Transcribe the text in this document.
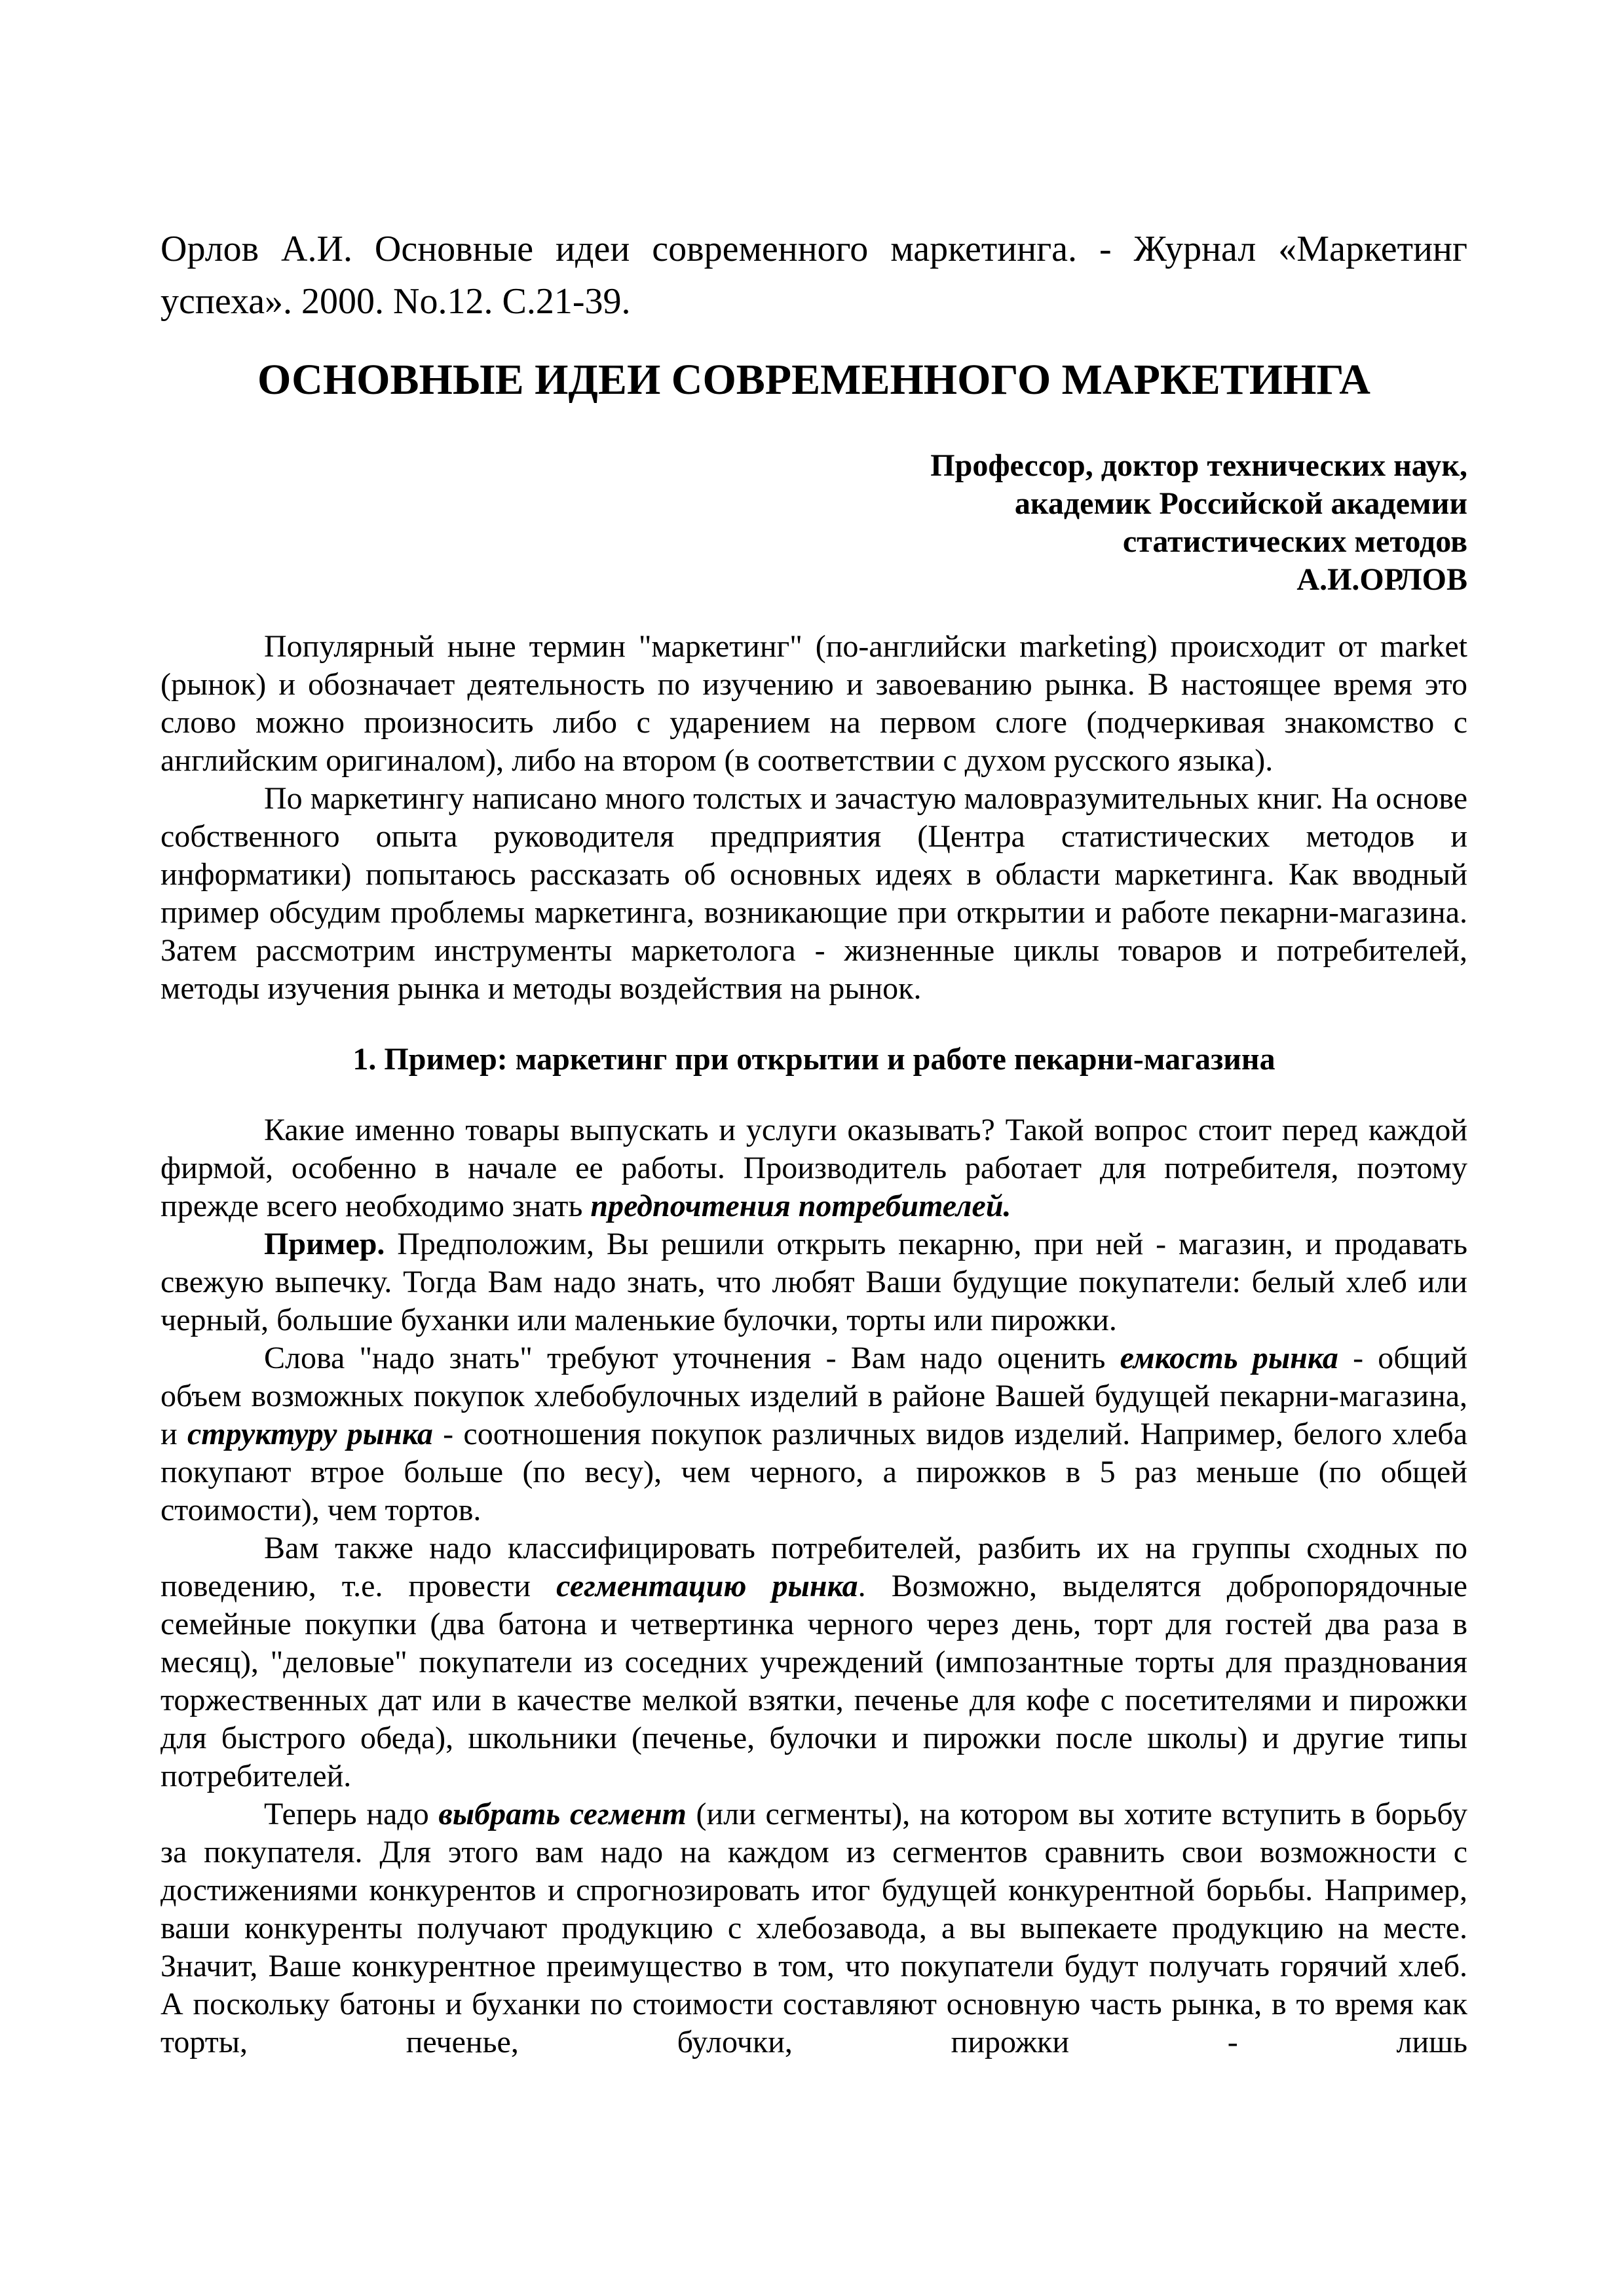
Орлов А.И. Основные идеи современного маркетинга. - Журнал «Маркетинг успеха». 2000. No.12. С.21-39.
ОСНОВНЫЕ ИДЕИ СОВРЕМЕННОГО МАРКЕТИНГА
Профессор, доктор технических наук,
академик Российской академии
статистических методов
А.И.ОРЛОВ

Популярный ныне термин "маркетинг" (по-английски marketing) происходит от market (рынок) и обозначает деятельность по изучению и завоеванию рынка. В настоящее время это слово можно произносить либо с ударением на первом слоге (подчеркивая знакомство с английским оригиналом), либо на втором (в соответствии с духом русского языка).

По маркетингу написано много толстых и зачастую маловразумительных книг. На основе собственного опыта руководителя предприятия (Центра статистических методов и информатики) попытаюсь рассказать об основных идеях в области маркетинга. Как вводный пример обсудим проблемы маркетинга, возникающие при открытии и работе пекарни-магазина. Затем рассмотрим инструменты маркетолога - жизненные циклы товаров и потребителей, методы изучения рынка и методы воздействия на рынок.

1. Пример: маркетинг при открытии и работе пекарни-магазина

Какие именно товары выпускать и услуги оказывать? Такой вопрос стоит перед каждой фирмой, особенно в начале ее работы. Производитель работает для потребителя, поэтому прежде всего необходимо знать предпочтения потребителей.

Пример. Предположим, Вы решили открыть пекарню, при ней - магазин, и продавать свежую выпечку. Тогда Вам надо знать, что любят Ваши будущие покупатели: белый хлеб или черный, большие буханки или маленькие булочки, торты или пирожки.

Слова "надо знать" требуют уточнения - Вам надо оценить емкость рынка - общий объем возможных покупок хлебобулочных изделий в районе Вашей будущей пекарни-магазина, и структуру рынка - соотношения покупок различных видов изделий. Например, белого хлеба покупают втрое больше (по весу), чем черного, а пирожков в 5 раз меньше (по общей стоимости), чем тортов.

Вам также надо классифицировать потребителей, разбить их на группы сходных по поведению, т.е. провести сегментацию рынка. Возможно, выделятся добропорядочные семейные покупки (два батона и четвертинка черного через день, торт для гостей два раза в месяц), "деловые" покупатели из соседних учреждений (импозантные торты для празднования торжественных дат или в качестве мелкой взятки, печенье для кофе с посетителями и пирожки для быстрого обеда), школьники (печенье, булочки и пирожки после школы) и другие типы потребителей.

Теперь надо выбрать сегмент (или сегменты), на котором вы хотите вступить в борьбу за покупателя. Для этого вам надо на каждом из сегментов сравнить свои возможности с достижениями конкурентов и спрогнозировать итог будущей конкурентной борьбы. Например, ваши конкуренты получают продукцию с хлебозавода, а вы выпекаете продукцию на месте. Значит, Ваше конкурентное преимущество в том, что покупатели будут получать горячий хлеб. А поскольку батоны и буханки по стоимости составляют основную часть рынка, в то время как торты, печенье, булочки, пирожки - лишь
